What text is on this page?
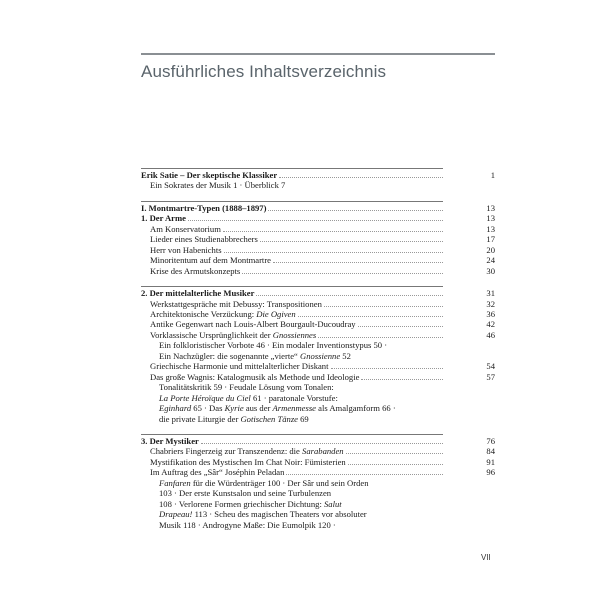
Ausführliches Inhaltsverzeichnis
Erik Satie – Der skeptische Klassiker	1
Ein Sokrates der Musik 1 · Überblick 7
I. Montmartre-Typen (1888–1897)	13
1. Der Arme	13
Am Konservatorium	13
Lieder eines Studienabbrechers	17
Herr von Habenichts	20
Minoritentum auf dem Montmartre	24
Krise des Armutskonzepts	30
2. Der mittelalterliche Musiker	31
Werkstattgespräche mit Debussy: Transpositionen	32
Architektonische Verzückung: Die Ogiven	36
Antike Gegenwart nach Louis-Albert Bourgault-Ducoudray	42
Vorklassische Ursprünglichkeit der Gnossiennes	46
Ein folkloristischer Vorbote 46 · Ein modaler Inventionstypus 50 ·
Ein Nachzügler: die sogenannte „vierte“ Gnossienne 52
Griechische Harmonie und mittelalterlicher Diskant	54
Das große Wagnis: Katalogmusik als Methode und Ideologie	57
Tonalitätskritik 59 · Feudale Lösung vom Tonalen:
La Porte Héroïque du Ciel 61 · paratonale Vorstufe:
Eginhard 65 · Das Kyrie aus der Armenmesse als Amalgamform 66 ·
die private Liturgie der Gotischen Tänze 69
3. Der Mystiker	76
Chabriers Fingerzeig zur Transzendenz: die Sarabanden	84
Mystifikation des Mystischen Im Chat Noir: Fümisterien	91
Im Auftrag des „Sâr“ Joséphin Peladan	96
Fanfaren für die Würdenträger 100 · Der Sâr und sein Orden
103 · Der erste Kunstsalon und seine Turbulenzen
108 · Verlorene Formen griechischer Dichtung: Salut
Drapeau! 113 · Scheu des magischen Theaters vor absoluter
Musik 118 · Androgyne Maße: Die Eumolpik 120 ·
VII
